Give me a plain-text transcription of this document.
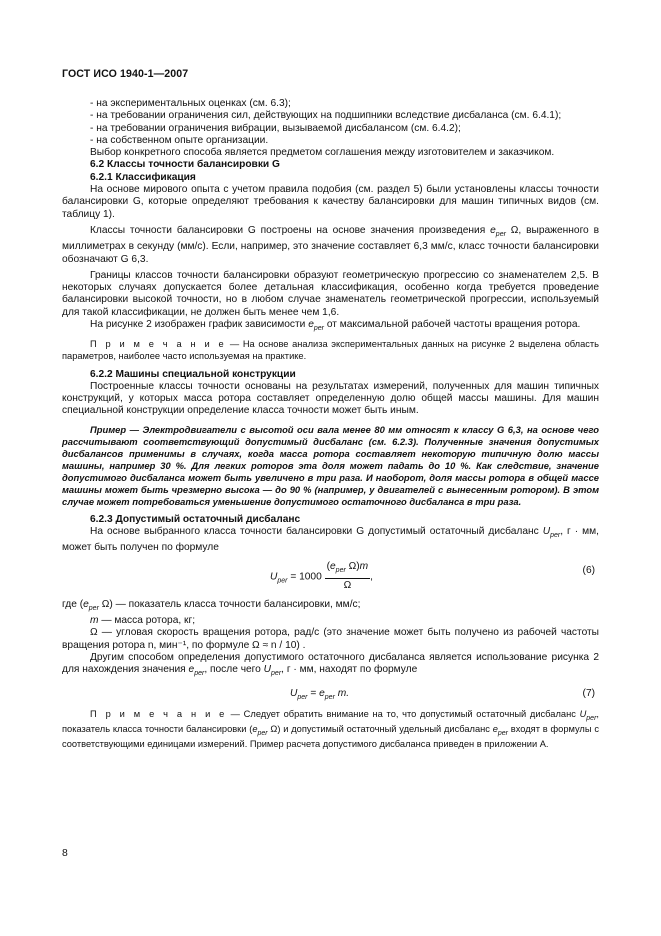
ГОСТ ИСО 1940-1—2007

- на экспериментальных оценках (см. 6.3);

- на требовании ограничения сил, действующих на подшипники вследствие дисбаланса (см. 6.4.1);

- на требовании ограничения вибрации, вызываемой дисбалансом (см. 6.4.2);

- на собственном опыте организации.

Выбор конкретного способа является предметом соглашения между изготовителем и заказчиком.

6.2 Классы точности балансировки G

6.2.1 Классификация

На основе мирового опыта с учетом правила подобия (см. раздел 5) были установлены классы точности балансировки G, которые определяют требования к качеству балансировки для машин типичных видов (см. таблицу 1).

Классы точности балансировки G построены на основе значения произведения $e_{per}$ Ω, выраженного в миллиметрах в секунду (мм/с). Если, например, это значение составляет 6,3 мм/с, класс точности балансировки обозначают G 6,3.

Границы классов точности балансировки образуют геометрическую прогрессию со знаменателем 2,5. В некоторых случаях допускается более детальная классификация, особенно когда требуется проведение балансировки высокой точности, но в любом случае знаменатель геометрической прогрессии, используемый для такой классификации, не должен быть менее чем 1,6.

На рисунке 2 изображен график зависимости $e_{per}$ от максимальной рабочей частоты вращения ротора.

П р и м е ч а н и е — На основе анализа экспериментальных данных на рисунке 2 выделена область параметров, наиболее часто используемая на практике.

6.2.2 Машины специальной конструкции

Построенные классы точности основаны на результатах измерений, полученных для машин типичных конструкций, у которых масса ротора составляет определенную долю общей массы машины. Для машин специальной конструкции определение класса точности может быть иным.

Пример — Электродвигатели с высотой оси вала менее 80 мм относят к классу G 6,3, на основе чего рассчитывают соответствующий допустимый дисбаланс (см. 6.2.3). Полученные значения допустимых дисбалансов применимы в случаях, когда масса ротора составляет некоторую типичную долю массы машины, например 30 %. Для легких роторов эта доля может падать до 10 %. Как следствие, значение допустимого дисбаланса может быть увеличено в три раза. И наоборот, доля массы ротора в общей массе машины может быть чрезмерно высока — до 90 % (например, у двигателей с вынесенным ротором). В этом случае может потребоваться уменьшение допустимого остаточного дисбаланса в три раза.

6.2.3 Допустимый остаточный дисбаланс

На основе выбранного класса точности балансировки G допустимый остаточный дисбаланс $U_{per}$, г · мм, может быть получен по формуле

$U_{per} = 1000 \frac{(e_{per} \Omega)m}{\Omega}$ ,
(6)

где ($e_{per}$ Ω) — показатель класса точности балансировки, мм/с;

m — масса ротора, кг;

Ω — угловая скорость вращения ротора, рад/с (это значение может быть получено из рабочей частоты вращения ротора n, мин⁻¹, по формуле Ω ≈ n / 10) .

Другим способом определения допустимого остаточного дисбаланса является использование рисунка 2 для нахождения значения $e_{per}$, после чего $U_{per}$, г · мм, находят по формуле

$U_{per} = e_{per}$ m.	(7)

П р и м е ч а н и е — Следует обратить внимание на то, что допустимый остаточный дисбаланс $U_{per}$, показатель класса точности балансировки ($e_{per}$ Ω) и допустимый остаточный удельный дисбаланс $e_{per}$ входят в формулы с соответствующими единицами измерений. Пример расчета допустимого дисбаланса приведен в приложении А.

8
